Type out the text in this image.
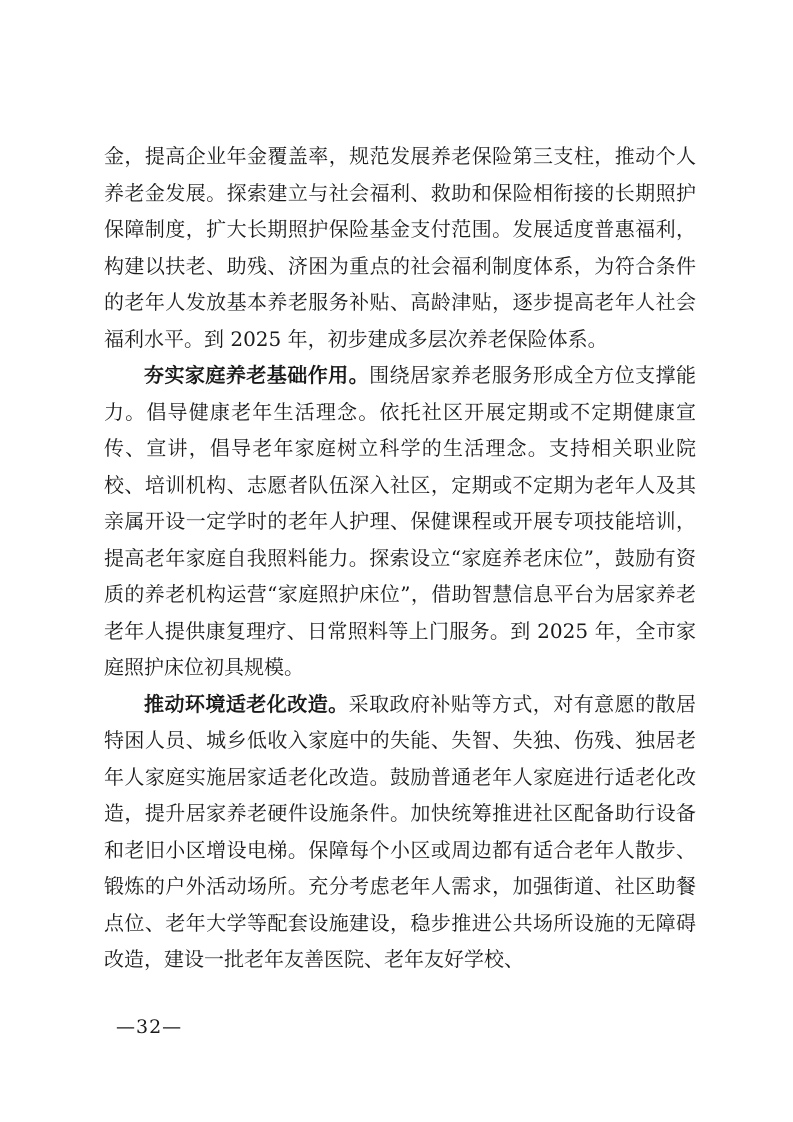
金，提高企业年金覆盖率，规范发展养老保险第三支柱，推动个人养老金发展。探索建立与社会福利、救助和保险相衔接的长期照护保障制度，扩大长期照护保险基金支付范围。发展适度普惠福利，构建以扶老、助残、济困为重点的社会福利制度体系，为符合条件的老年人发放基本养老服务补贴、高龄津贴，逐步提高老年人社会福利水平。到 2025 年，初步建成多层次养老保险体系。

夯实家庭养老基础作用。围绕居家养老服务形成全方位支撑能力。倡导健康老年生活理念。依托社区开展定期或不定期健康宣传、宣讲，倡导老年家庭树立科学的生活理念。支持相关职业院校、培训机构、志愿者队伍深入社区，定期或不定期为老年人及其亲属开设一定学时的老年人护理、保健课程或开展专项技能培训，提高老年家庭自我照料能力。探索设立“家庭养老床位”，鼓励有资质的养老机构运营“家庭照护床位”，借助智慧信息平台为居家养老老年人提供康复理疗、日常照料等上门服务。到 2025 年，全市家庭照护床位初具规模。

推动环境适老化改造。采取政府补贴等方式，对有意愿的散居特困人员、城乡低收入家庭中的失能、失智、失独、伤残、独居老年人家庭实施居家适老化改造。鼓励普通老年人家庭进行适老化改造，提升居家养老硬件设施条件。加快统筹推进社区配备助行设备和老旧小区增设电梯。保障每个小区或周边都有适合老年人散步、锻炼的户外活动场所。充分考虑老年人需求，加强街道、社区助餐点位、老年大学等配套设施建设，稳步推进公共场所设施的无障碍改造，建设一批老年友善医院、老年友好学校、

—32—
